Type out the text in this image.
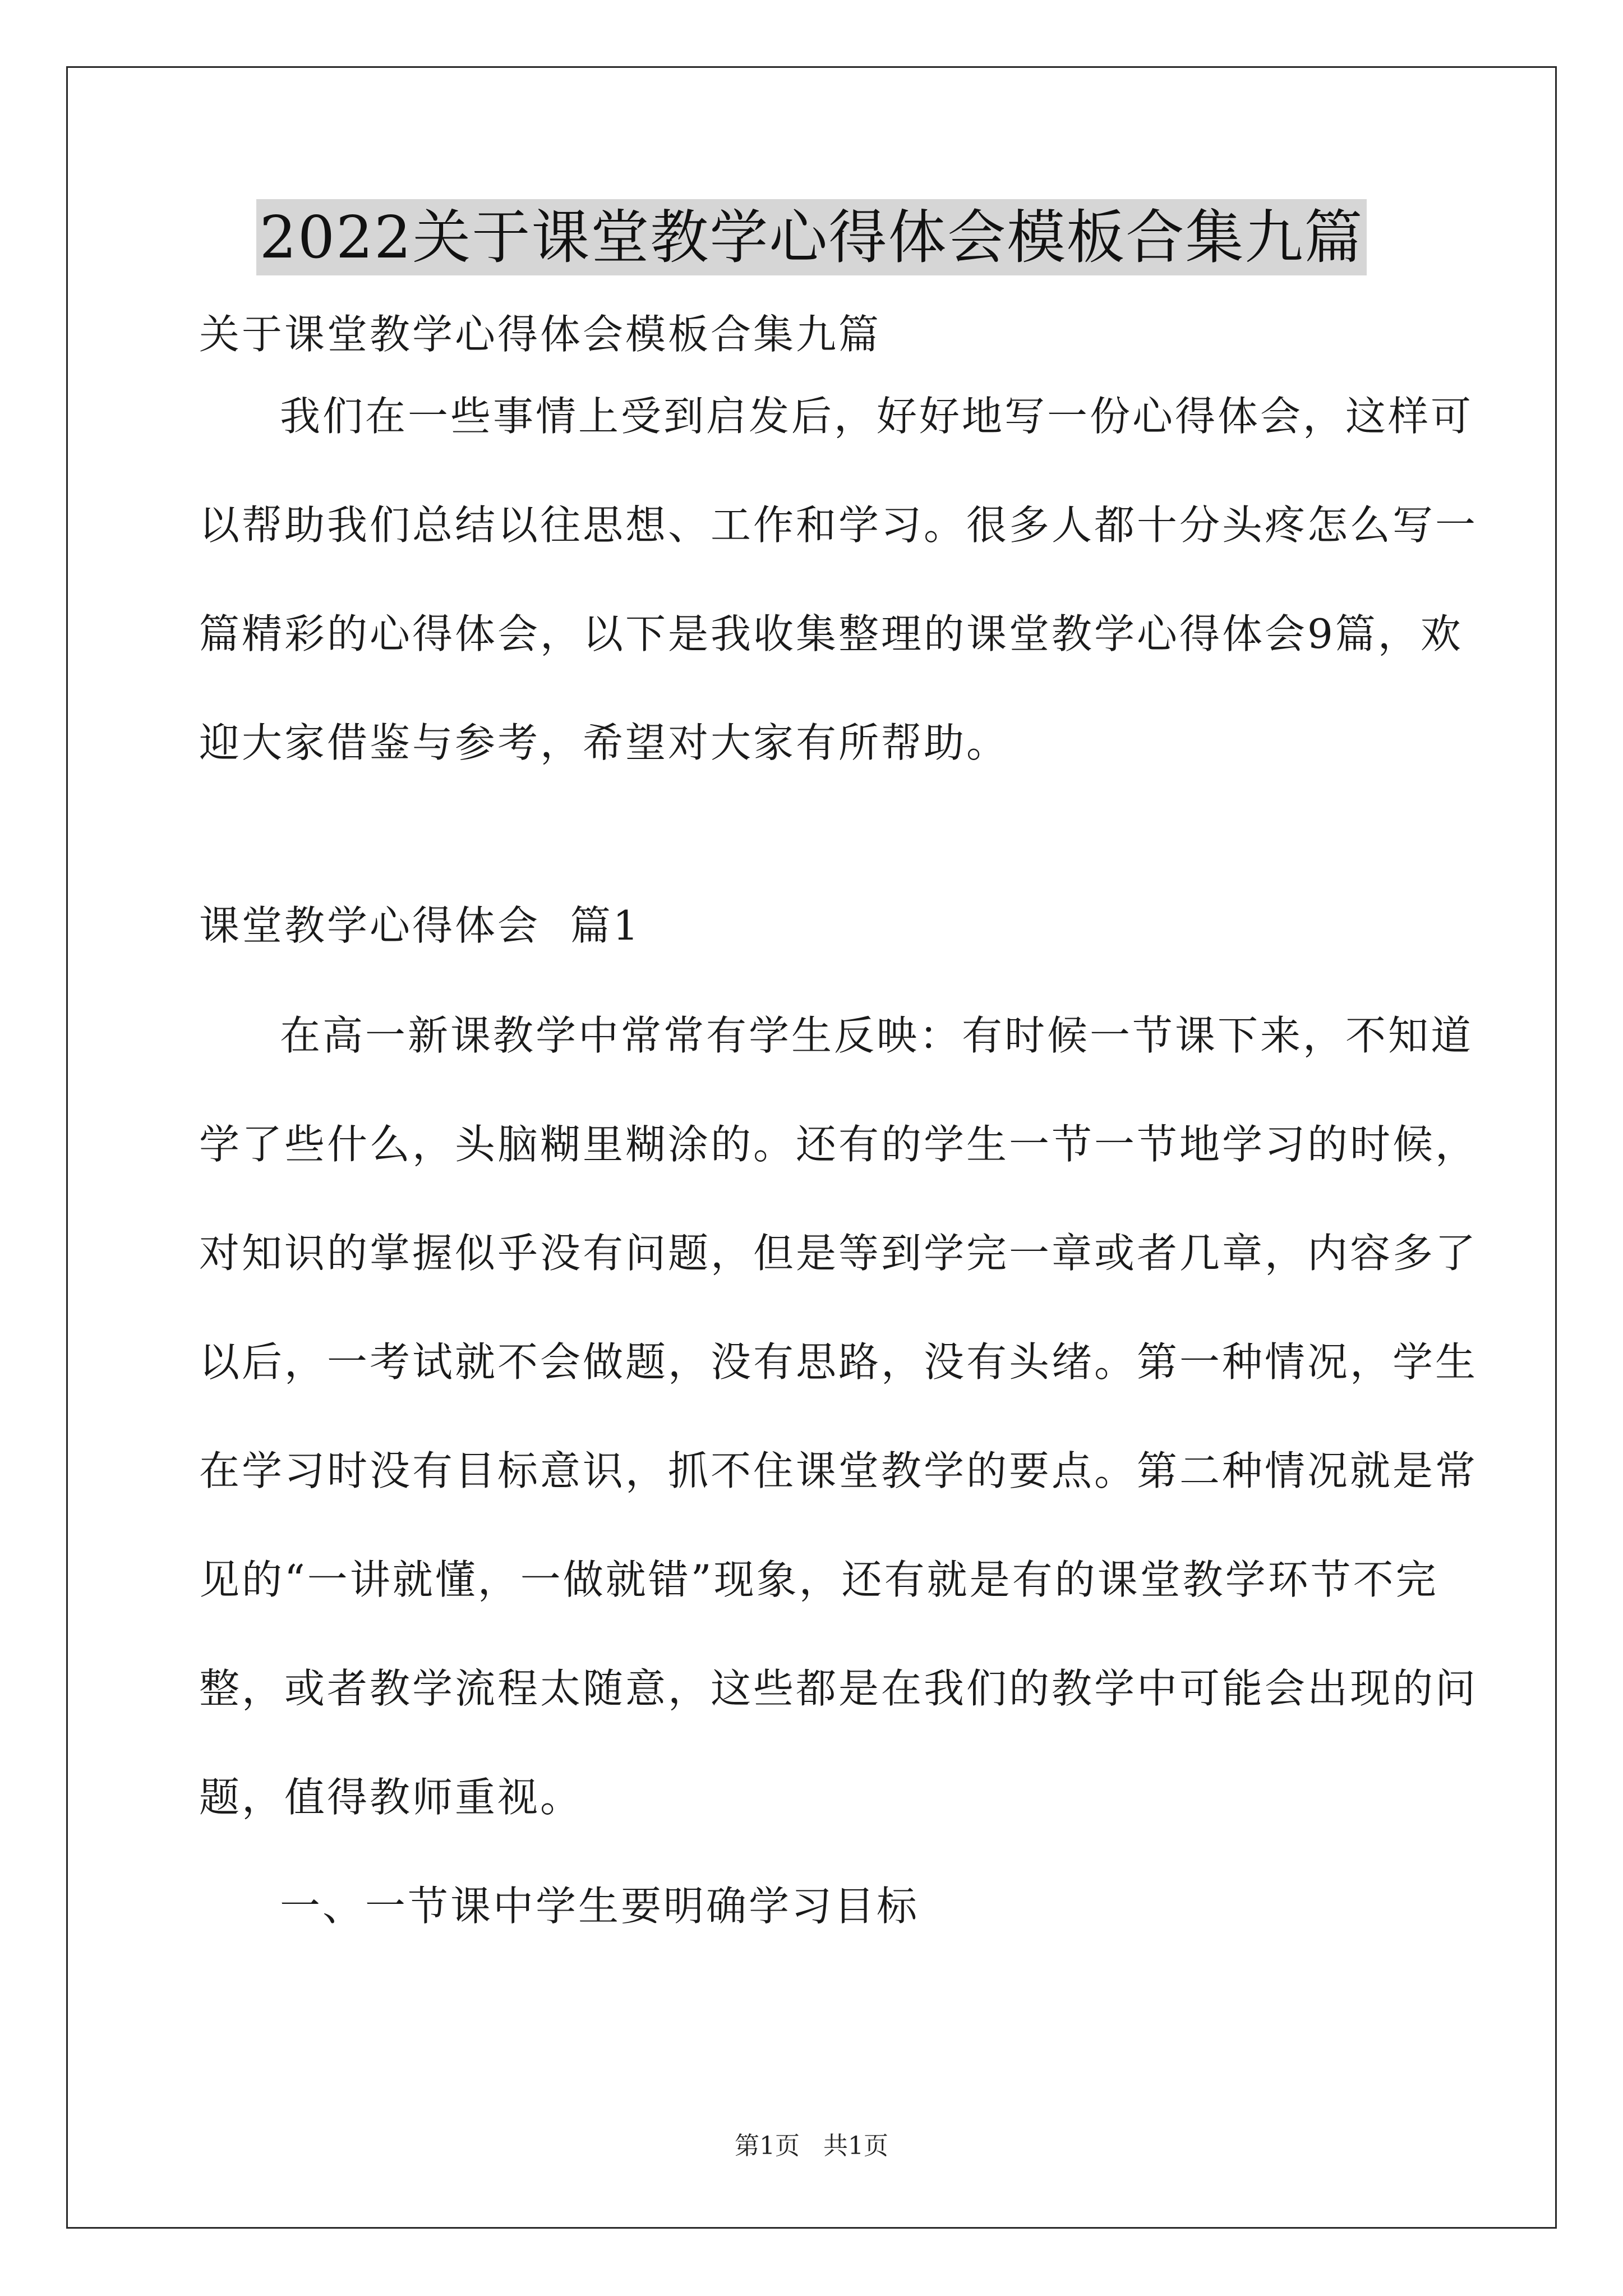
2022关于课堂教学心得体会模板合集九篇
关于课堂教学心得体会模板合集九篇
我们在一些事情上受到启发后，好好地写一份心得体会，这样可
以帮助我们总结以往思想、工作和学习。很多人都十分头疼怎么写一
篇精彩的心得体会，以下是我收集整理的课堂教学心得体会9篇，欢
迎大家借鉴与参考，希望对大家有所帮助。
课堂教学心得体会  篇1
在高一新课教学中常常有学生反映：有时候一节课下来，不知道
学了些什么，头脑糊里糊涂的。还有的学生一节一节地学习的时候，
对知识的掌握似乎没有问题，但是等到学完一章或者几章，内容多了
以后，一考试就不会做题，没有思路，没有头绪。第一种情况，学生
在学习时没有目标意识，抓不住课堂教学的要点。第二种情况就是常
见的“一讲就懂，一做就错”现象，还有就是有的课堂教学环节不完
整，或者教学流程太随意，这些都是在我们的教学中可能会出现的问
题，值得教师重视。
一、一节课中学生要明确学习目标
第1页   共1页
